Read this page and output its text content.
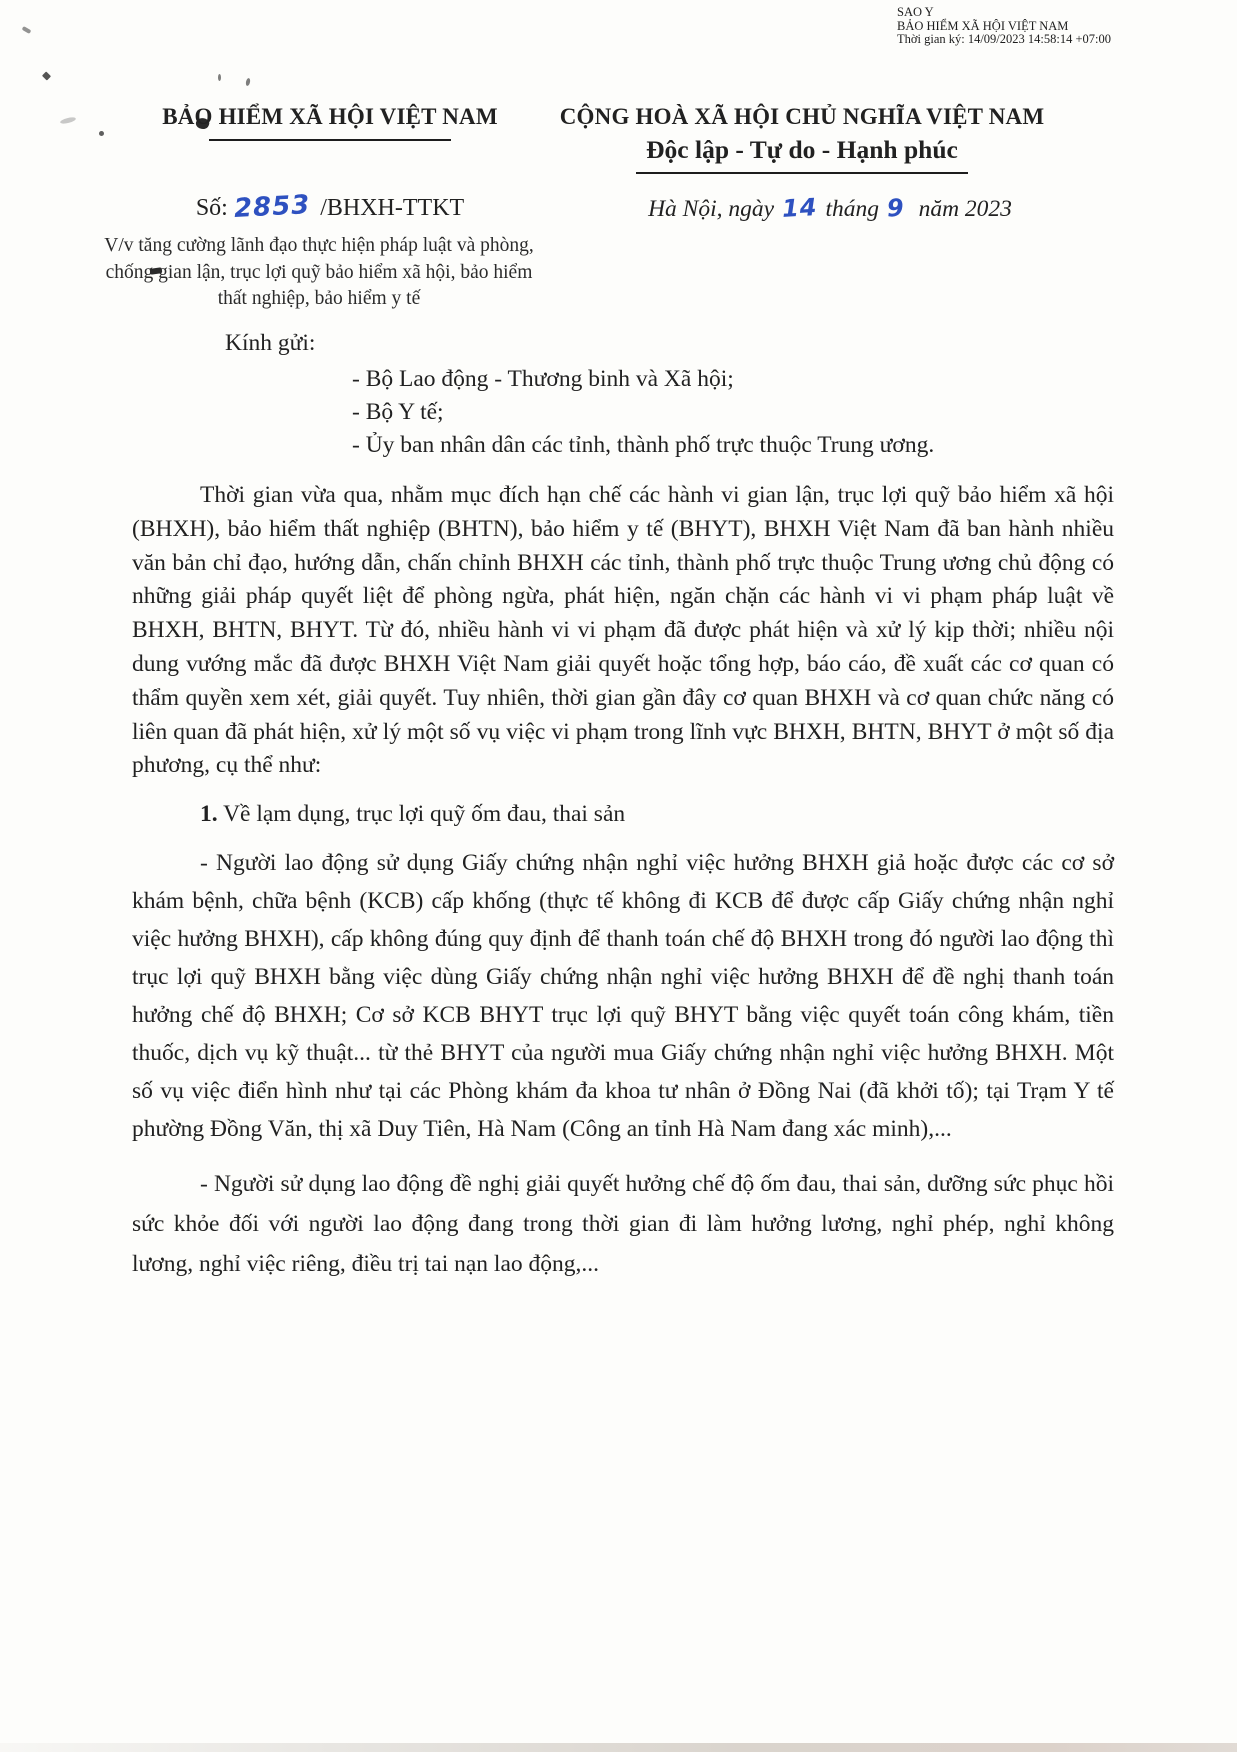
SAO Y
BẢO HIỂM XÃ HỘI VIỆT NAM
Thời gian ký: 14/09/2023 14:58:14 +07:00
BẢO HIỂM XÃ HỘI VIỆT NAM	CỘNG HOÀ XÃ HỘI CHỦ NGHĨA VIỆT NAM
Độc lập - Tự do - Hạnh phúc
Số: 2853 /BHXH-TTKT	Hà Nội, ngày 14 tháng 9 năm 2023
V/v tăng cường lãnh đạo thực hiện pháp luật và phòng, chống gian lận, trục lợi quỹ bảo hiểm xã hội, bảo hiểm thất nghiệp, bảo hiểm y tế
Kính gửi:
- Bộ Lao động - Thương binh và Xã hội;
- Bộ Y tế;
- Ủy ban nhân dân các tỉnh, thành phố trực thuộc Trung ương.

Thời gian vừa qua, nhằm mục đích hạn chế các hành vi gian lận, trục lợi quỹ bảo hiểm xã hội (BHXH), bảo hiểm thất nghiệp (BHTN), bảo hiểm y tế (BHYT), BHXH Việt Nam đã ban hành nhiều văn bản chỉ đạo, hướng dẫn, chấn chỉnh BHXH các tỉnh, thành phố trực thuộc Trung ương chủ động có những giải pháp quyết liệt để phòng ngừa, phát hiện, ngăn chặn các hành vi vi phạm pháp luật về BHXH, BHTN, BHYT. Từ đó, nhiều hành vi vi phạm đã được phát hiện và xử lý kịp thời; nhiều nội dung vướng mắc đã được BHXH Việt Nam giải quyết hoặc tổng hợp, báo cáo, đề xuất các cơ quan có thẩm quyền xem xét, giải quyết. Tuy nhiên, thời gian gần đây cơ quan BHXH và cơ quan chức năng có liên quan đã phát hiện, xử lý một số vụ việc vi phạm trong lĩnh vực BHXH, BHTN, BHYT ở một số địa phương, cụ thể như:

1. Về lạm dụng, trục lợi quỹ ốm đau, thai sản

- Người lao động sử dụng Giấy chứng nhận nghỉ việc hưởng BHXH giả hoặc được các cơ sở khám bệnh, chữa bệnh (KCB) cấp khống (thực tế không đi KCB để được cấp Giấy chứng nhận nghỉ việc hưởng BHXH), cấp không đúng quy định để thanh toán chế độ BHXH trong đó người lao động thì trục lợi quỹ BHXH bằng việc dùng Giấy chứng nhận nghỉ việc hưởng BHXH để đề nghị thanh toán hưởng chế độ BHXH; Cơ sở KCB BHYT trục lợi quỹ BHYT bằng việc quyết toán công khám, tiền thuốc, dịch vụ kỹ thuật... từ thẻ BHYT của người mua Giấy chứng nhận nghỉ việc hưởng BHXH. Một số vụ việc điển hình như tại các Phòng khám đa khoa tư nhân ở Đồng Nai (đã khởi tố); tại Trạm Y tế phường Đồng Văn, thị xã Duy Tiên, Hà Nam (Công an tỉnh Hà Nam đang xác minh),...

- Người sử dụng lao động đề nghị giải quyết hưởng chế độ ốm đau, thai sản, dưỡng sức phục hồi sức khỏe đối với người lao động đang trong thời gian đi làm hưởng lương, nghỉ phép, nghỉ không lương, nghỉ việc riêng, điều trị tai nạn lao động,...
